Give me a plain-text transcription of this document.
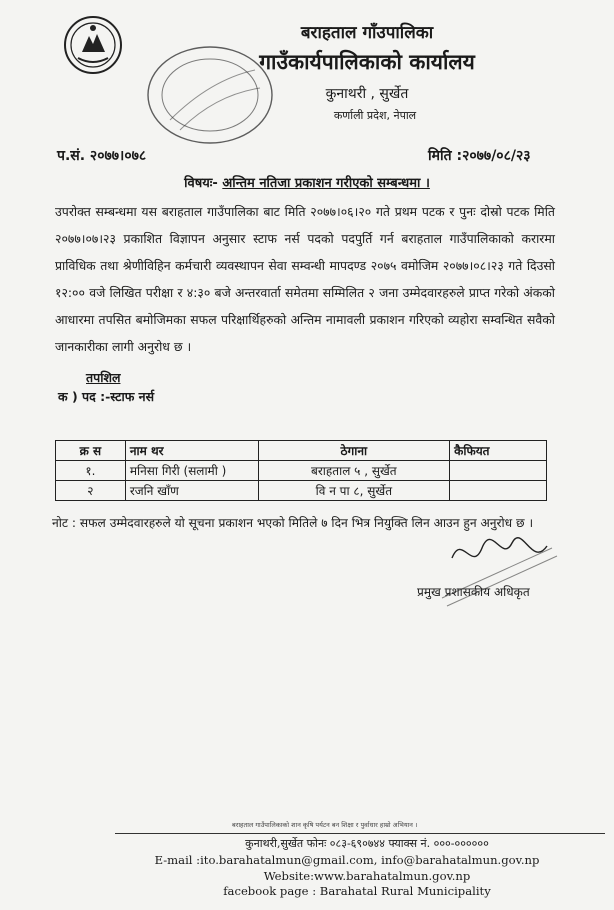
बराहताल गाँउपालिका
गाउँकार्यपालिकाको कार्यालय
कुनाथरी , सुर्खेत
कर्णाली प्रदेश, नेपाल
प.सं. २०७७।०७८	मिति :२०७७/०८/२३
विषयः- अन्तिम नतिजा प्रकाशन गरीएको सम्बन्धमा ।

उपरोक्त सम्बन्धमा यस बराहताल गाउँपालिका बाट मिति २०७७।०६।२० गते प्रथम पटक र पुनः दोस्रो पटक मिति २०७७।०७।२३ प्रकाशित विज्ञापन अनुसार स्टाफ नर्स पदको पदपुर्ति गर्न बराहताल गाउँपालिकाको करारमा प्राविधिक तथा श्रेणीविहिन कर्मचारी व्यवस्थापन सेवा सम्वन्धी मापदण्ड २०७५ वमोजिम २०७७।०८।२३ गते दिउसो १२:०० वजे लिखित परीक्षा र ४:३० बजे अन्तरवार्ता समेतमा सम्मिलित २ जना उम्मेदवारहरुले प्राप्त गरेको अंकको आधारमा तपसित बमोजिमका सफल परिक्षार्थिहरुको अन्तिम नामावली प्रकाशन गरिएको व्यहोरा सम्वन्धित सवैको जानकारीका लागी अनुरोध छ ।

तपशिल
क ) पद :-स्टाफ नर्स
क्र स	नाम थर	ठेगाना	कैफियत
१.	मनिसा गिरी (सलामी )	बराहताल ५ , सुर्खेत	
२	रजनि खाँण	वि न पा ८, सुर्खेत	
नोट : सफल उम्मेदवारहरुले यो सूचना प्रकाशन भएको मितिले ७ दिन भित्र नियुक्ति लिन आउन हुन अनुरोध छ ।
प्रमुख प्रशासकीय अधिकृत
बराहताल गाउँपालिकाको शान कृषि पर्यटन बन शिक्षा र पुर्वाधार हाम्रो अभियान ।
कुनाथरी,सुर्खेत फोनः ०८३-६९०७४४ फ्याक्स नं. ०००-००००००
E-mail :ito.barahatalmun@gmail.com, info@barahatalmun.gov.np
Website:www.barahatalmun.gov.np
facebook page : Barahatal Rural Municipality
